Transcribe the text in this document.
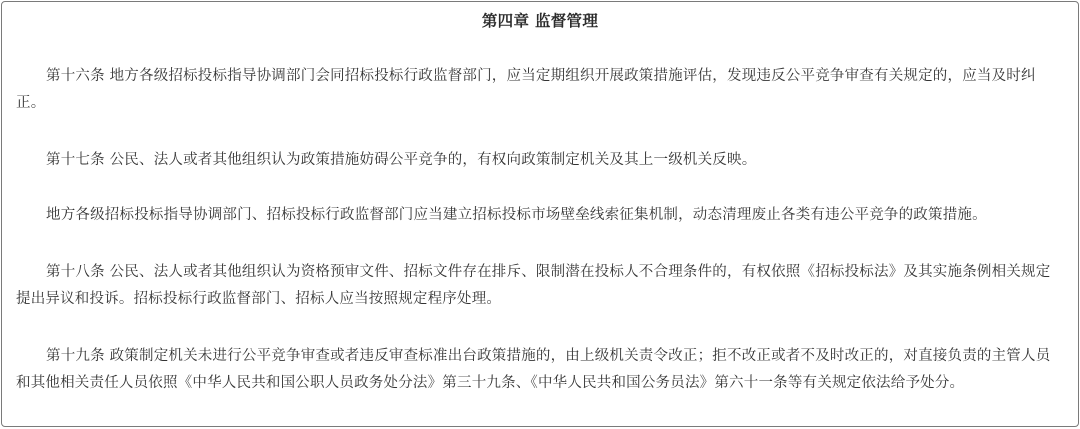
第四章 监督管理

第十六条 地方各级招标投标指导协调部门会同招标投标行政监督部门，应当定期组织开展政策措施评估，发现违反公平竞争审查有关规定的，应当及时纠正。

第十七条 公民、法人或者其他组织认为政策措施妨碍公平竞争的，有权向政策制定机关及其上一级机关反映。

地方各级招标投标指导协调部门、招标投标行政监督部门应当建立招标投标市场壁垒线索征集机制，动态清理废止各类有违公平竞争的政策措施。

第十八条 公民、法人或者其他组织认为资格预审文件、招标文件存在排斥、限制潜在投标人不合理条件的，有权依照《招标投标法》及其实施条例相关规定提出异议和投诉。招标投标行政监督部门、招标人应当按照规定程序处理。

第十九条 政策制定机关未进行公平竞争审查或者违反审查标准出台政策措施的，由上级机关责令改正；拒不改正或者不及时改正的，对直接负责的主管人员和其他相关责任人员依照《中华人民共和国公职人员政务处分法》第三十九条、《中华人民共和国公务员法》第六十一条等有关规定依法给予处分。
